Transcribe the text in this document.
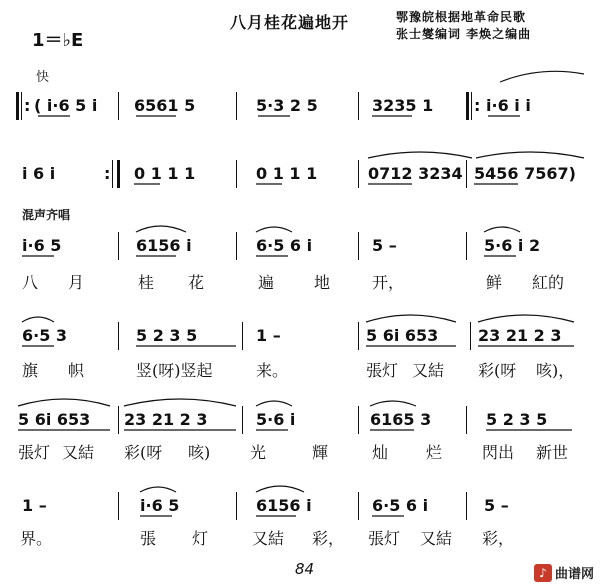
1＝♭E
八月桂花遍地开	鄂豫皖根据地革命民歌
张士燮编词 李焕之编曲
快
混声齐唱
: ( i·6 5 i 6561 5	5·3 2 5	3235 1	: i·6 i i
i 6 i	: 0 1 1 1	0 1 1 1	0712 3234 5456 7567)
i·6 5	6156 i	6·5 6 i	5 –	5·6 i 2
八 月	桂 花	遍 地	开，	鲜 紅的
6·5 3	5 2 3 5	1 –	5 6i 653 23 21 2 3
旗 帜	竖(呀)竖起	来。	張灯 又結 彩(呀 咳)，
5 6i 653 23 21 2 3	5·6 i	6165 3	5 2 3 5
張灯 又結 彩(呀 咳) 光	輝	灿 烂 閃出 新世
1 –	i·6 5	6156 i	6·5 6 i	5 –
界。	張 灯	又結 彩， 張灯 又結 彩，
84	♪ 曲谱网
